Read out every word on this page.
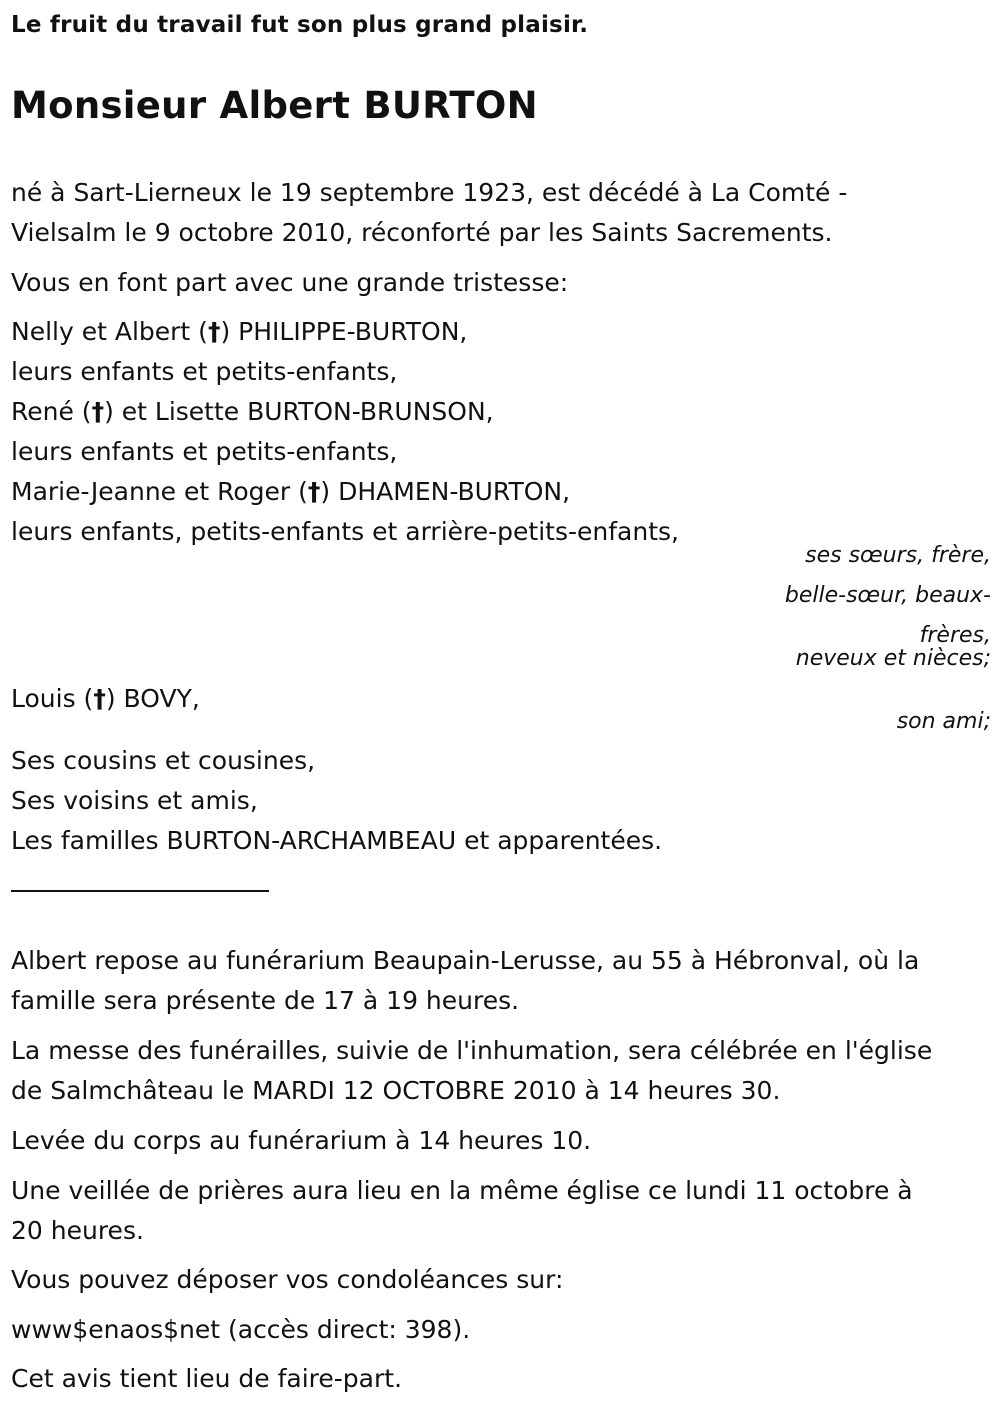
Le fruit du travail fut son plus grand plaisir.
Monsieur Albert BURTON
né à Sart-Lierneux le 19 septembre 1923, est décédé à La Comté -
Vielsalm le 9 octobre 2010, réconforté par les Saints Sacrements.
Vous en font part avec une grande tristesse:
Nelly et Albert (†) PHILIPPE-BURTON,
leurs enfants et petits-enfants,
René (†) et Lisette BURTON-BRUNSON,
leurs enfants et petits-enfants,
Marie-Jeanne et Roger (†) DHAMEN-BURTON,
leurs enfants, petits-enfants et arrière-petits-enfants,
ses sœurs, frère,
belle-sœur, beaux-
frères,
neveux et nièces;
Louis (†) BOVY,
son ami;
Ses cousins et cousines,
Ses voisins et amis,
Les familles BURTON-ARCHAMBEAU et apparentées.
Albert repose au funérarium Beaupain-Lerusse, au 55 à Hébronval, où la
famille sera présente de 17 à 19 heures.
La messe des funérailles, suivie de l'inhumation, sera célébrée en l'église
de Salmchâteau le MARDI 12 OCTOBRE 2010 à 14 heures 30.
Levée du corps au funérarium à 14 heures 10.
Une veillée de prières aura lieu en la même église ce lundi 11 octobre à
20 heures.
Vous pouvez déposer vos condoléances sur:
www$enaos$net (accès direct: 398).
Cet avis tient lieu de faire-part.
